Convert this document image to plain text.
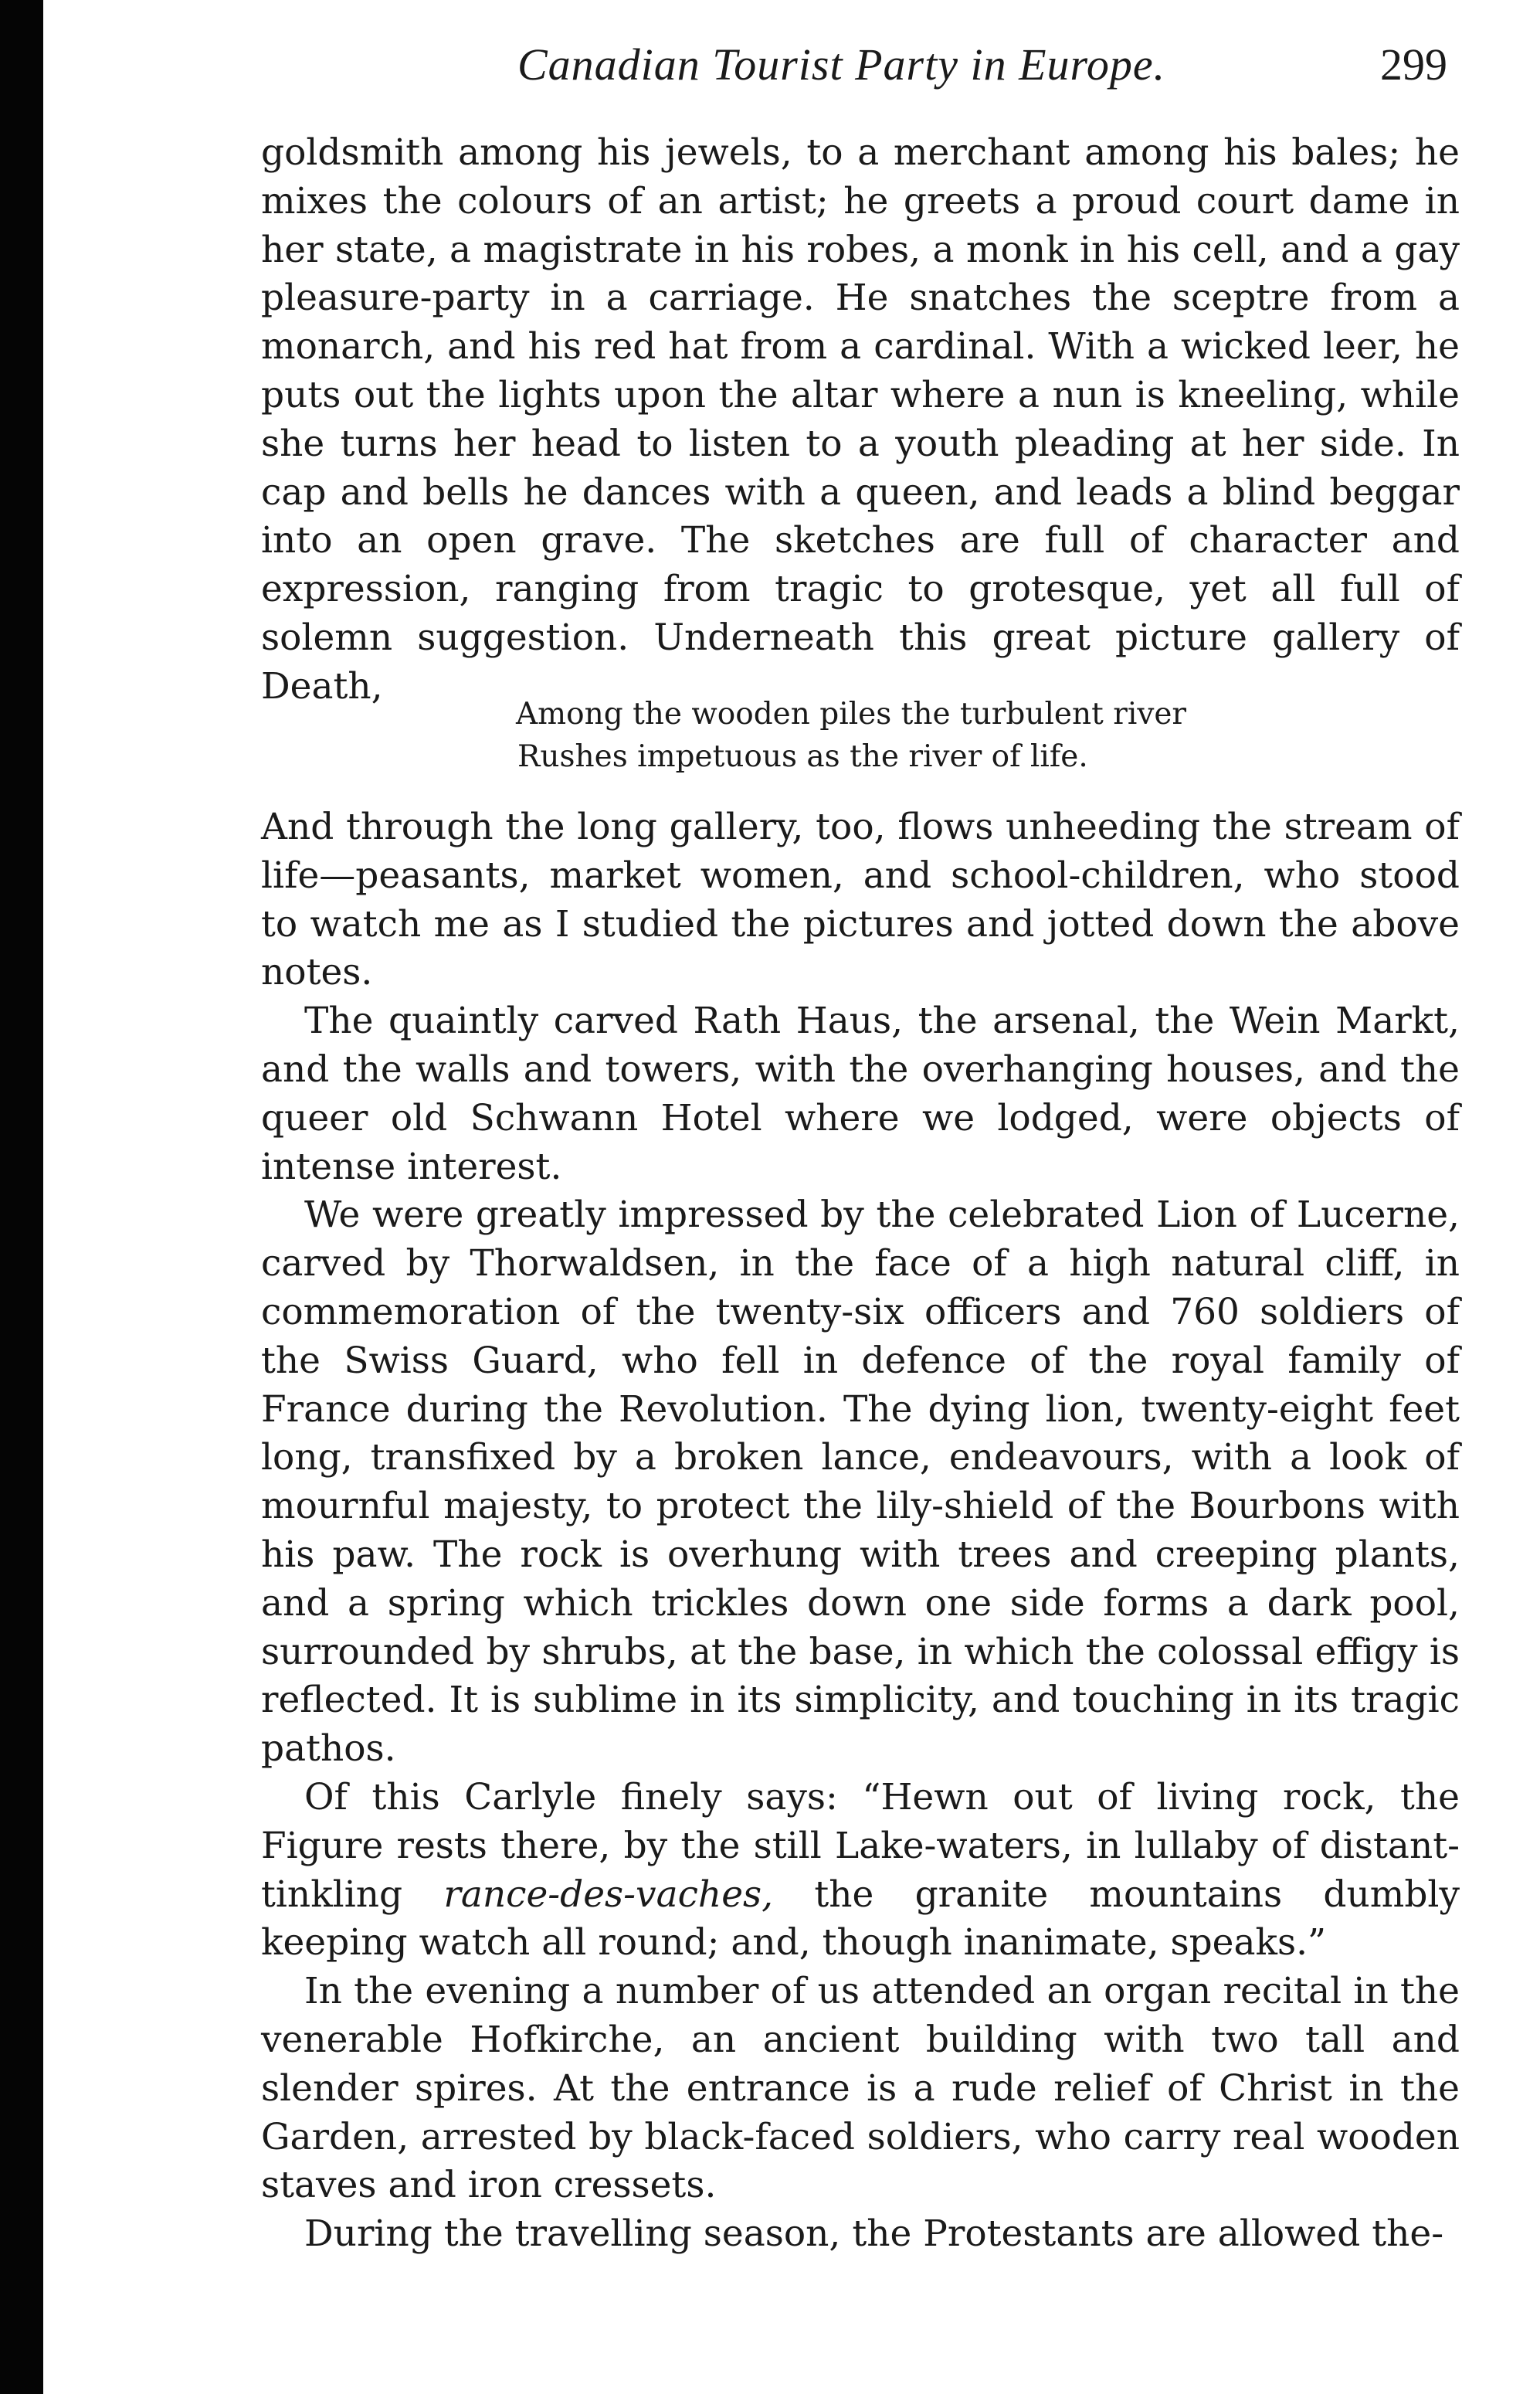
Canadian Tourist Party in Europe.	299

goldsmith among his jewels, to a merchant among his bales; he mixes the colours of an artist; he greets a proud court dame in her state, a magistrate in his robes, a monk in his cell, and a gay pleasure-party in a carriage. He snatches the sceptre from a monarch, and his red hat from a cardinal. With a wicked leer, he puts out the lights upon the altar where a nun is kneeling, while she turns her head to listen to a youth pleading at her side. In cap and bells he dances with a queen, and leads a blind beggar into an open grave. The sketches are full of character and expression, ranging from tragic to grotesque, yet all full of solemn suggestion. Underneath this great picture gallery of Death,

Among the wooden piles the turbulent river
Rushes impetuous as the river of life.

And through the long gallery, too, flows unheeding the stream of life—peasants, market women, and school-children, who stood to watch me as I studied the pictures and jotted down the above notes.

The quaintly carved Rath Haus, the arsenal, the Wein Markt, and the walls and towers, with the overhanging houses, and the queer old Schwann Hotel where we lodged, were objects of intense interest.

We were greatly impressed by the celebrated Lion of Lucerne, carved by Thorwaldsen, in the face of a high natural cliff, in commemoration of the twenty-six officers and 760 soldiers of the Swiss Guard, who fell in defence of the royal family of France during the Revolution. The dying lion, twenty-eight feet long, transfixed by a broken lance, endeavours, with a look of mournful majesty, to protect the lily-shield of the Bourbons with his paw. The rock is overhung with trees and creeping plants, and a spring which trickles down one side forms a dark pool, surrounded by shrubs, at the base, in which the colossal effigy is reflected. It is sublime in its simplicity, and touching in its tragic pathos.

Of this Carlyle finely says: “Hewn out of living rock, the Figure rests there, by the still Lake-waters, in lullaby of distant-tinkling rance-des-vaches, the granite mountains dumbly keeping watch all round; and, though inanimate, speaks.”

In the evening a number of us attended an organ recital in the venerable Hofkirche, an ancient building with two tall and slender spires. At the entrance is a rude relief of Christ in the Garden, arrested by black-faced soldiers, who carry real wooden staves and iron cressets.

During the travelling season, the Protestants are allowed the-
